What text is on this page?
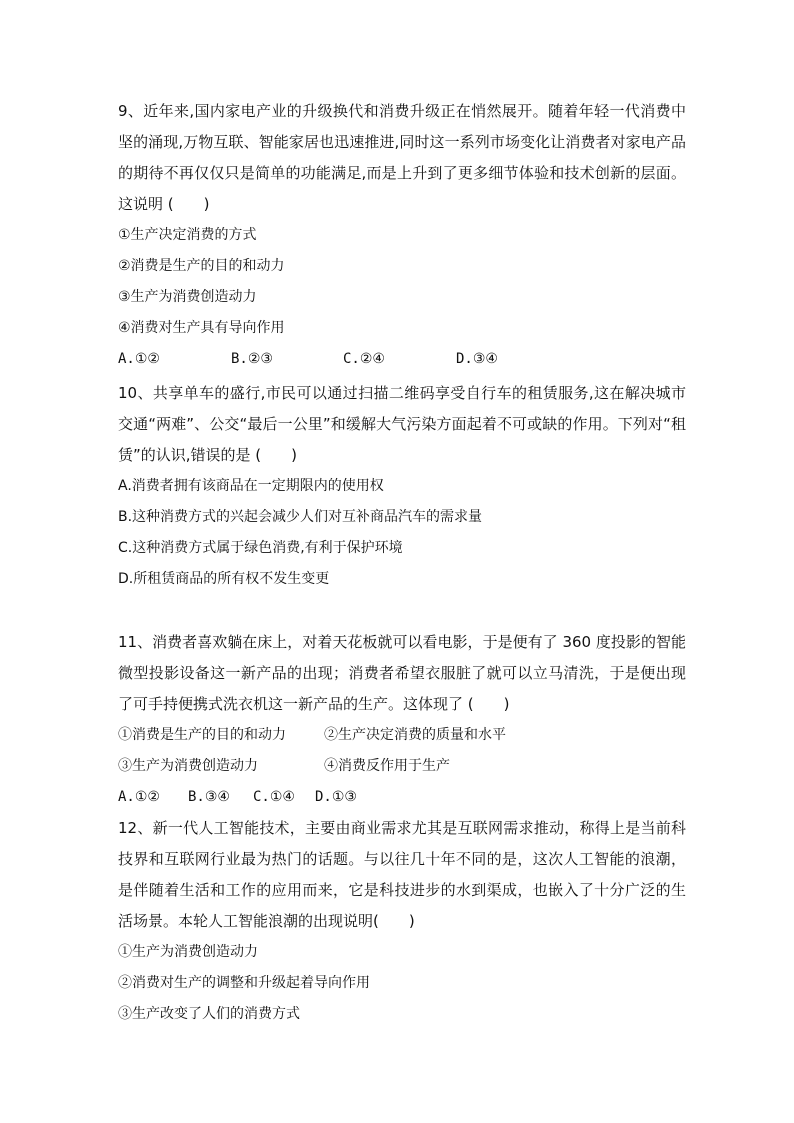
9、近年来,国内家电产业的升级换代和消费升级正在悄然展开。随着年轻一代消费中坚的涌现,万物互联、智能家居也迅速推进,同时这一系列市场变化让消费者对家电产品的期待不再仅仅只是简单的功能满足,而是上升到了更多细节体验和技术创新的层面。这说明 (　　)

①生产决定消费的方式

②消费是生产的目的和动力

③生产为消费创造动力

④消费对生产具有导向作用

A.①②	B.②③	C.②④	D.③④

10、共享单车的盛行,市民可以通过扫描二维码享受自行车的租赁服务,这在解决城市交通“两难”、公交“最后一公里”和缓解大气污染方面起着不可或缺的作用。下列对“租赁”的认识,错误的是 (　　)

A.消费者拥有该商品在一定期限内的使用权

B.这种消费方式的兴起会减少人们对互补商品汽车的需求量

C.这种消费方式属于绿色消费,有利于保护环境

D.所租赁商品的所有权不发生变更

11、消费者喜欢躺在床上，对着天花板就可以看电影，于是便有了 360 度投影的智能微型投影设备这一新产品的出现；消费者希望衣服脏了就可以立马清洗，于是便出现了可手持便携式洗衣机这一新产品的生产。这体现了 (　　)

①消费是生产的目的和动力	②生产决定消费的质量和水平
③生产为消费创造动力	④消费反作用于生产
A.①②	B.③④	C.①④	D.①③

12、新一代人工智能技术，主要由商业需求尤其是互联网需求推动，称得上是当前科技界和互联网行业最为热门的话题。与以往几十年不同的是，这次人工智能的浪潮，是伴随着生活和工作的应用而来，它是科技进步的水到渠成，也嵌入了十分广泛的生活场景。本轮人工智能浪潮的出现说明(　　)

①生产为消费创造动力

②消费对生产的调整和升级起着导向作用

③生产改变了人们的消费方式
